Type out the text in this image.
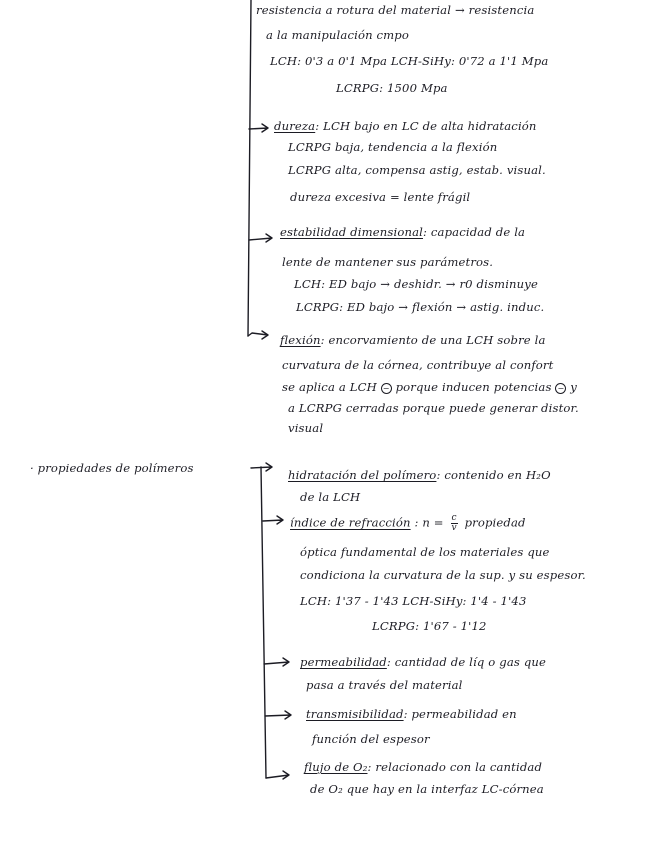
resistencia a rotura del material → resistencia
a la manipulación cmpo
LCH: 0'3 a 0'1 Mpa LCH-SiHy: 0'72 a 1'1 Mpa
LCRPG: 1500 Mpa
dureza: LCH bajo en LC de alta hidratación
LCRPG baja, tendencia a la flexión
LCRPG alta, compensa astig, estab. visual.
dureza excesiva = lente frágil
estabilidad dimensional: capacidad de la
lente de mantener sus parámetros.
LCH: ED bajo → deshidr. → r0 disminuye
LCRPG: ED bajo → flexión → astig. induc.
flexión: encorvamiento de una LCH sobre la
curvatura de la córnea, contribuye al confort
se aplica a LCH − porque inducen potencias − y
a LCRPG cerradas porque puede generar distor.
visual
· propiedades de polímeros	hidratación del polímero: contenido en H₂O
de la LCH
índice de refracción : $n = \frac{c}{v}$ propiedad
óptica fundamental de los materiales que
condiciona la curvatura de la sup. y su espesor.
LCH: 1'37 - 1'43 LCH-SiHy: 1'4 - 1'43
LCRPG: 1'67 - 1'12
permeabilidad: cantidad de líq o gas que
pasa a través del material
transmisibilidad: permeabilidad en
función del espesor
flujo de O₂: relacionado con la cantidad
de O₂ que hay en la interfaz LC-córnea
